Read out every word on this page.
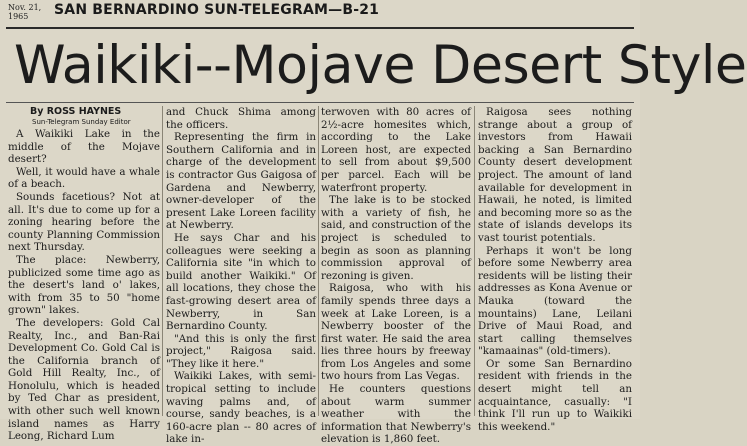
Nov. 21, 1965	SAN BERNARDINO SUN-TELEGRAM—B-21
Waikiki--Mojave Desert Style
By ROSS HAYNES
Sun-Telegram Sunday Editor

A Waikiki Lake in the middle of the Mojave desert?

Well, it would have a whale of a beach.

Sounds facetious? Not at all. It's due to come up for a zoning hearing before the county Planning Commission next Thursday.

The place: Newberry, publicized some time ago as the desert's land o' lakes, with from 35 to 50 "home grown" lakes.

The developers: Gold Cal Realty, Inc., and Ban-Rai Development Co. Gold Cal is the California branch of Gold Hill Realty, Inc., of Honolulu, which is headed by Ted Char as president, with other such well known island names as Harry Leong, Richard Lum

and Chuck Shima among the officers.

Representing the firm in Southern California and in charge of the development is contractor Gus Gaigosa of Gardena and Newberry, owner-developer of the present Lake Loreen facility at Newberry.

He says Char and his colleagues were seeking a California site "in which to build another Waikiki." Of all locations, they chose the fast-growing desert area of Newberry, in San Bernardino County.

"And this is only the first project," Raigosa said. "They like it here."

Waikiki Lakes, with semi-tropical setting to include waving palms and, of course, sandy beaches, is a 160-acre plan -- 80 acres of lake in-

terwoven with 80 acres of 2½-acre homesites which, according to the Lake Loreen host, are expected to sell from about $9,500 per parcel. Each will be waterfront property.

The lake is to be stocked with a variety of fish, he said, and construction of the project is scheduled to begin as soon as planning commission approval of rezoning is given.

Raigosa, who with his family spends three days a week at Lake Loreen, is a Newberry booster of the first water. He said the area lies three hours by freeway from Los Angeles and some two hours from Las Vegas.

He counters questions about warm summer weather with the information that Newberry's elevation is 1,860 feet.

Raigosa sees nothing strange about a group of investors from Hawaii backing a San Bernardino County desert development project. The amount of land available for development in Hawaii, he noted, is limited and becoming more so as the state of islands develops its vast tourist potentials.

Perhaps it won't be long before some Newberry area residents will be listing their addresses as Kona Avenue or Mauka (toward the mountains) Lane, Leilani Drive of Maui Road, and start calling themselves "kamaainas" (old-timers).

Or some San Bernardino resident with friends in the desert might tell an acquaintance, casually: "I think I'll run up to Waikiki this weekend."
